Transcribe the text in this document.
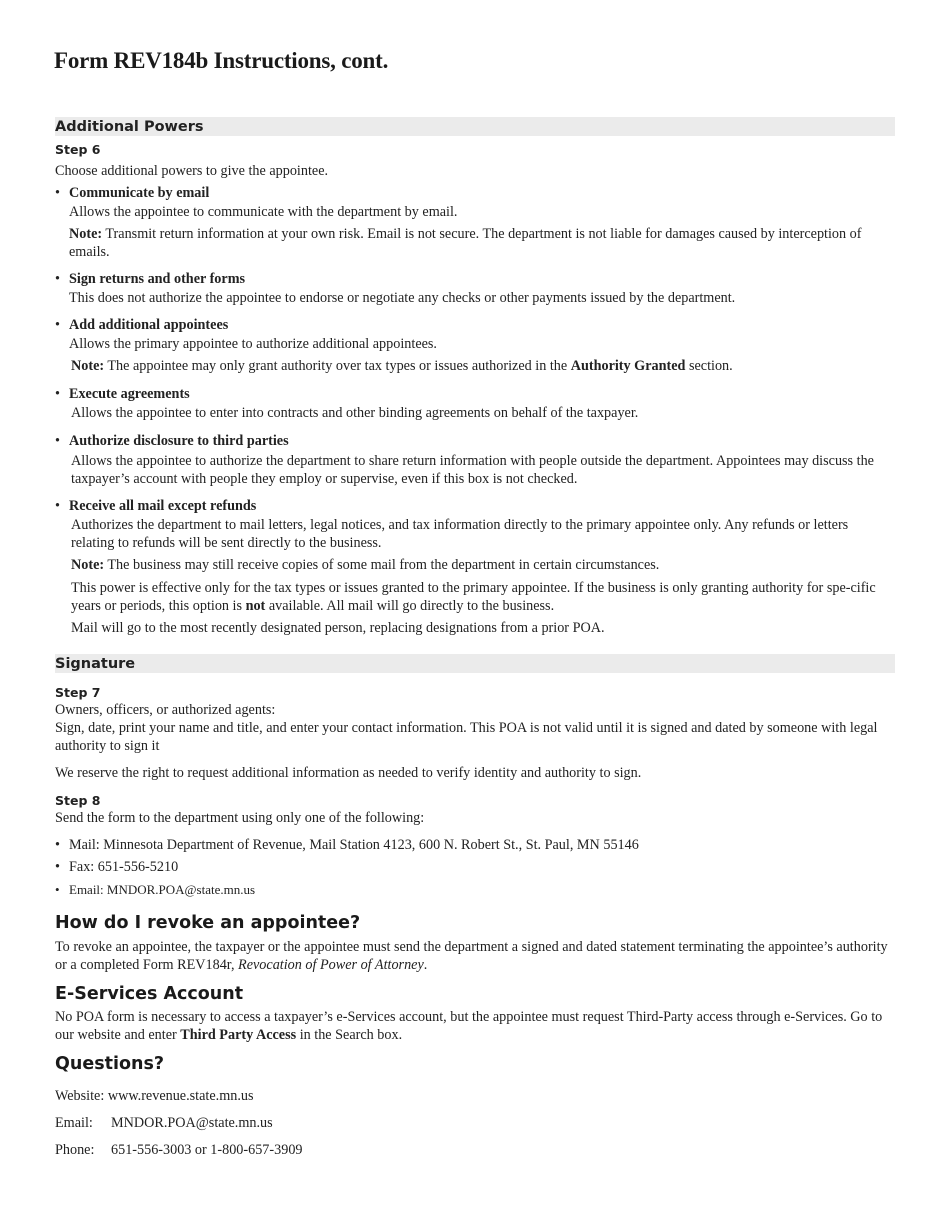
Form REV184b Instructions, cont.
Additional Powers
Step 6
Choose additional powers to give the appointee.
• Communicate by email
Allows the appointee to communicate with the department by email.
Note: Transmit return information at your own risk. Email is not secure. The department is not liable for damages caused by interception of emails.
• Sign returns and other forms
This does not authorize the appointee to endorse or negotiate any checks or other payments issued by the department.
• Add additional appointees
Allows the primary appointee to authorize additional appointees.
Note: The appointee may only grant authority over tax types or issues authorized in the Authority Granted section.
• Execute agreements
Allows the appointee to enter into contracts and other binding agreements on behalf of the taxpayer.
• Authorize disclosure to third parties
Allows the appointee to authorize the department to share return information with people outside the department. Appointees may discuss the taxpayer’s account with people they employ or supervise, even if this box is not checked.
• Receive all mail except refunds
Authorizes the department to mail letters, legal notices, and tax information directly to the primary appointee only. Any refunds or letters relating to refunds will be sent directly to the business.
Note: The business may still receive copies of some mail from the department in certain circumstances.
This power is effective only for the tax types or issues granted to the primary appointee. If the business is only granting authority for spe-cific years or periods, this option is not available. All mail will go directly to the business.
Mail will go to the most recently designated person, replacing designations from a prior POA.
Signature
Step 7
Owners, officers, or authorized agents:
Sign, date, print your name and title, and enter your contact information. This POA is not valid until it is signed and dated by someone with legal authority to sign it
We reserve the right to request additional information as needed to verify identity and authority to sign.
Step 8
Send the form to the department using only one of the following:
• Mail: Minnesota Department of Revenue, Mail Station 4123, 600 N. Robert St., St. Paul, MN 55146
• Fax: 651-556-5210
• Email: MNDOR.POA@state.mn.us
How do I revoke an appointee?
To revoke an appointee, the taxpayer or the appointee must send the department a signed and dated statement terminating the appointee’s authority or a completed Form REV184r, Revocation of Power of Attorney.
E-Services Account
No POA form is necessary to access a taxpayer’s e-Services account, but the appointee must request Third-Party access through e-Services. Go to our website and enter Third Party Access in the Search box.
Questions?
Website: www.revenue.state.mn.us
Email: MNDOR.POA@state.mn.us
Phone: 651-556-3003 or 1-800-657-3909
